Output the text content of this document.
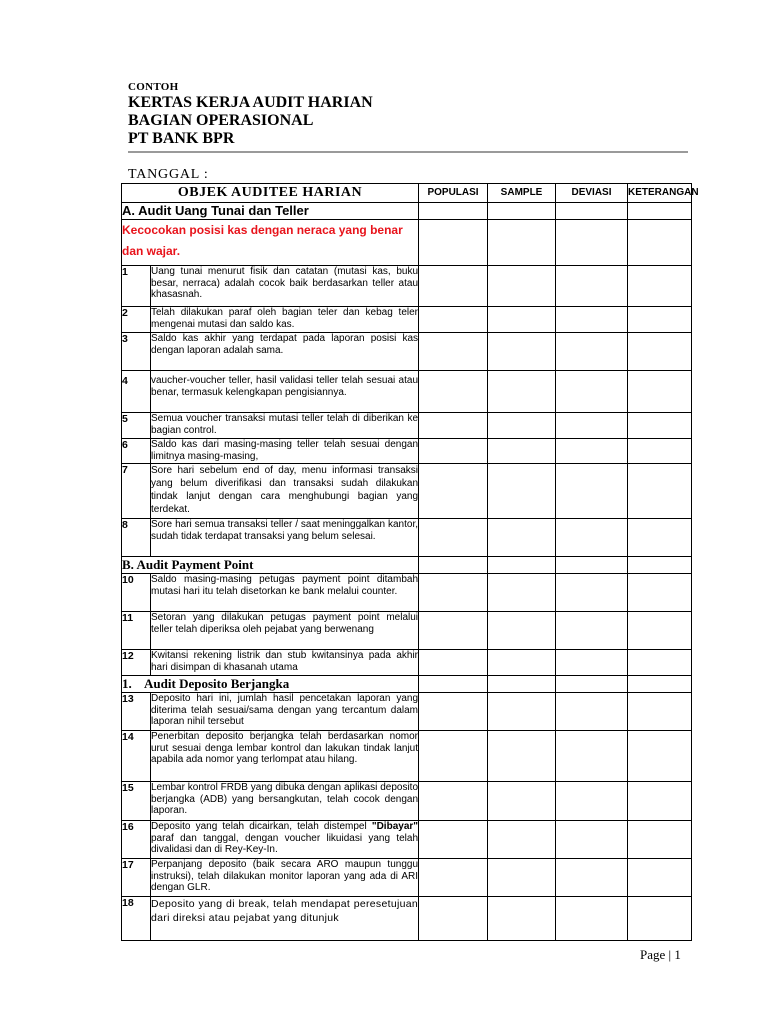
CONTOH
KERTAS KERJA AUDIT HARIAN
BAGIAN OPERASIONAL
PT BANK BPR
TANGGAL :
OBJEK AUDITEE HARIAN		POPULASI	SAMPLE	DEVIASI	KETERANGAN
A. Audit Uang Tunai dan Teller					
Kecocokan posisi kas dengan neraca yang benar dan wajar.					
1	Uang tunai menurut fisik dan catatan (mutasi kas, buku besar, nerraca) adalah cocok baik berdasarkan teller atau khasasnah.				
2	Telah dilakukan paraf oleh bagian teler dan kebag teler mengenai mutasi dan saldo kas.				
3	Saldo kas akhir yang terdapat pada laporan posisi kas dengan laporan adalah sama.				
4	vaucher-voucher teller, hasil validasi teller telah sesuai atau benar, termasuk kelengkapan pengisiannya.				
5	Semua voucher transaksi mutasi teller telah di diberikan ke bagian control.				
6	Saldo kas dari masing-masing teller telah sesuai dengan limitnya masing-masing,				
7	Sore hari sebelum end of day, menu informasi transaksi yang belum diverifikasi dan transaksi sudah dilakukan tindak lanjut dengan cara menghubungi bagian yang terdekat.				
8	Sore hari semua transaksi teller / saat meninggalkan kantor, sudah tidak terdapat transaksi yang belum selesai.				
B. Audit Payment Point					
10	Saldo masing-masing petugas payment point ditambah mutasi hari itu telah disetorkan ke bank melalui counter.				
11	Setoran yang dilakukan petugas payment point melalui teller telah diperiksa oleh pejabat yang berwenang				
12	Kwitansi rekening listrik dan stub kwitansinya pada akhir hari disimpan di khasanah utama				
1.    Audit Deposito Berjangka					
13	Deposito hari ini, jumlah hasil pencetakan laporan yang diterima telah sesuai/sama dengan yang tercantum dalam laporan nihil tersebut				
14	Penerbitan deposito berjangka telah berdasarkan nomor urut sesuai denga lembar kontrol dan lakukan tindak lanjut apabila ada nomor yang terlompat atau hilang.				
15	Lembar kontrol FRDB yang dibuka dengan aplikasi deposito berjangka (ADB) yang bersangkutan, telah cocok dengan laporan.				
16	Deposito yang telah dicairkan, telah distempel "Dibayar" paraf dan tanggal, dengan voucher likuidasi yang telah divalidasi dan di Rey-Key-In.				
17	Perpanjang deposito (baik secara ARO maupun tunggu instruksi), telah dilakukan monitor laporan yang ada di ARI dengan GLR.				
18	Deposito yang di break, telah mendapat peresetujuan dari direksi atau pejabat yang ditunjuk				
Page | 1
